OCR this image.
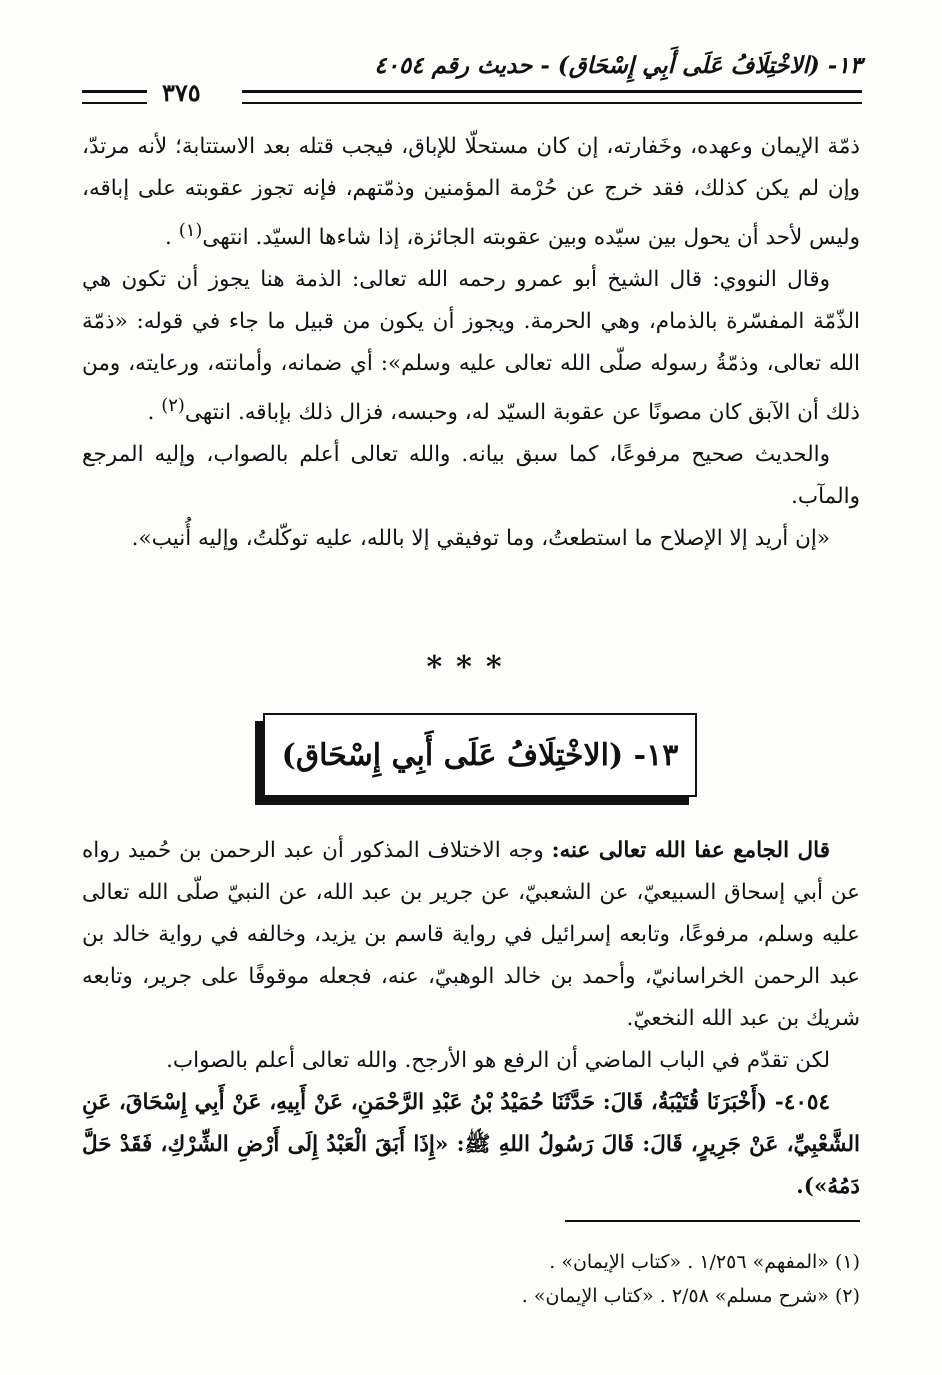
١٣- (الاخْتِلَافُ عَلَى أَبِي إِسْحَاق) - حديث رقم ٤٠٥٤
٣٧٥

ذمّة الإيمان وعهده، وخَفارته، إن كان مستحلّا للإباق، فيجب قتله بعد الاستتابة؛ لأنه مرتدّ، وإن لم يكن كذلك، فقد خرج عن حُرْمة المؤمنين وذمّتهم، فإنه تجوز عقوبته على إباقه، وليس لأحد أن يحول بين سيّده وبين عقوبته الجائزة، إذا شاءها السيّد. انتهى$^{(١)}$ .

وقال النووي: قال الشيخ أبو عمرو رحمه الله تعالى: الذمة هنا يجوز أن تكون هي الذّمّة المفسّرة بالذمام، وهي الحرمة. ويجوز أن يكون من قبيل ما جاء في قوله: «ذمّة الله تعالى، وذمّةُ رسوله صلّى الله تعالى عليه وسلم»: أي ضمانه، وأمانته، ورعايته، ومن ذلك أن الآبق كان مصونًا عن عقوبة السيّد له، وحبسه، فزال ذلك بإباقه. انتهى$^{(٢)}$ .

والحديث صحيح مرفوعًا، كما سبق بيانه. والله تعالى أعلم بالصواب، وإليه المرجع والمآب.

«إن أريد إلا الإصلاح ما استطعتُ، وما توفيقي إلا بالله، عليه توكّلتُ، وإليه أُنيب».

***
١٣- (الاخْتِلَافُ عَلَى أَبِي إِسْحَاق)

قال الجامع عفا الله تعالى عنه: وجه الاختلاف المذكور أن عبد الرحمن بن حُميد رواه عن أبي إسحاق السبيعيّ، عن الشعبيّ، عن جرير بن عبد الله، عن النبيّ صلّى الله تعالى عليه وسلم، مرفوعًا، وتابعه إسرائيل في رواية قاسم بن يزيد، وخالفه في رواية خالد بن عبد الرحمن الخراسانيّ، وأحمد بن خالد الوهبيّ، عنه، فجعله موقوفًا على جرير، وتابعه شريك بن عبد الله النخعيّ.

لكن تقدّم في الباب الماضي أن الرفع هو الأرجح. والله تعالى أعلم بالصواب.

٤٠٥٤- (أَخْبَرَنَا قُتَيْبَةُ، قَالَ: حَدَّثَنَا حُمَيْدُ بْنُ عَبْدِ الرَّحْمَنِ، عَنْ أَبِيهِ، عَنْ أَبِي إِسْحَاقَ، عَنِ الشَّعْبِيِّ، عَنْ جَرِيرٍ، قَالَ: قَالَ رَسُولُ اللهِ ﷺ: «إِذَا أَبَقَ الْعَبْدُ إِلَى أَرْضِ الشِّرْكِ، فَقَدْ حَلَّ دَمُهُ»).

(١) «المفهم» ١/٢٥٦ . «كتاب الإيمان» .

(٢) «شرح مسلم» ٢/٥٨ . «كتاب الإيمان» .
